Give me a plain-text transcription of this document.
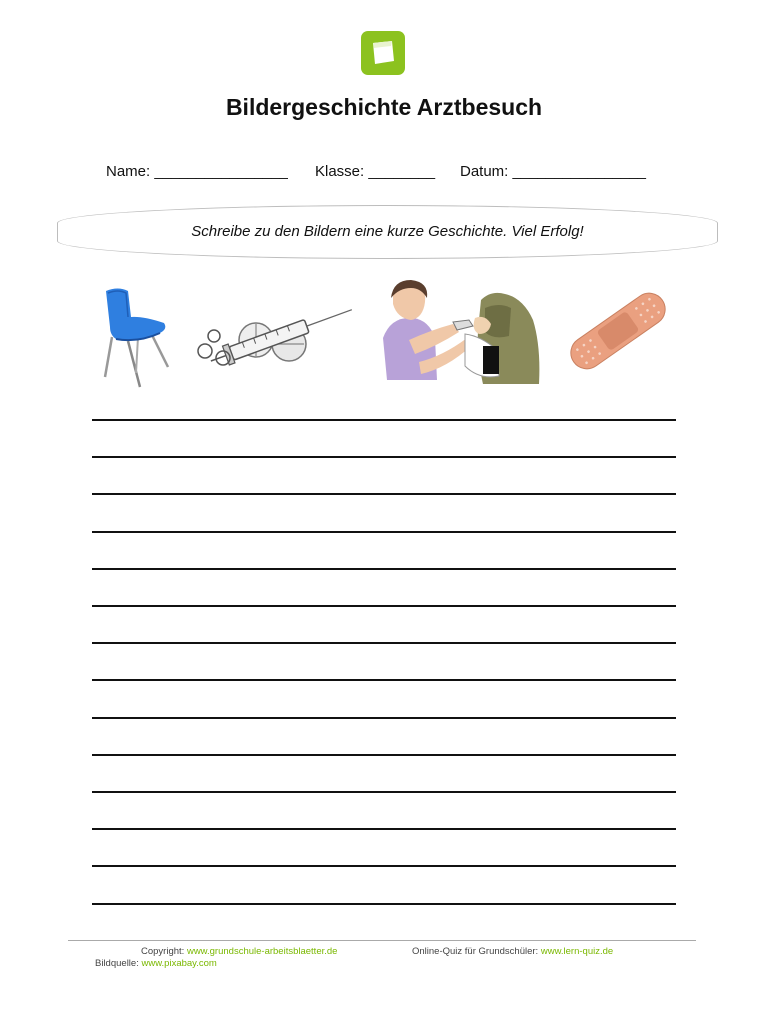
Bildergeschichte Arztbesuch
Name: ________________ Klasse: ________ Datum: ________________
Schreibe zu den Bildern eine kurze Geschichte. Viel Erfolg!
Copyright: www.grundschule-arbeitsblaetter.de	Online-Quiz für Grundschüler: www.lern-quiz.de
Bildquelle: www.pixabay.com
